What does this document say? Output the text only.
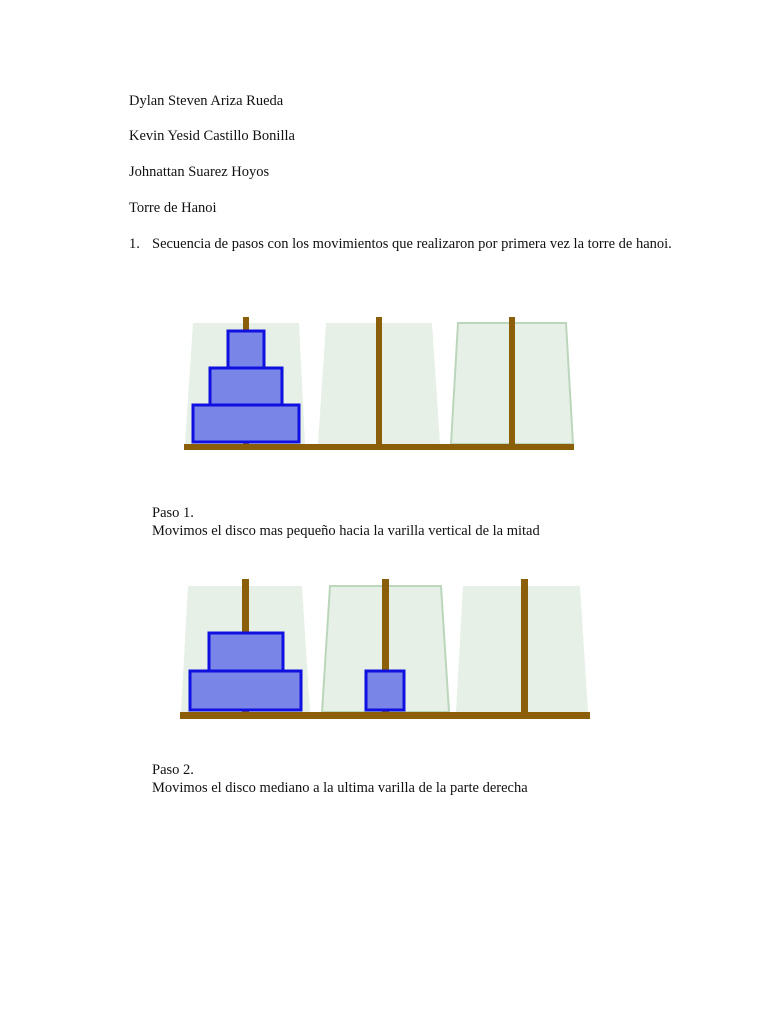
Dylan Steven Ariza Rueda
Kevin Yesid Castillo Bonilla
Johnattan Suarez Hoyos
Torre de Hanoi
1. Secuencia de pasos con los movimientos que realizaron por primera vez la torre de hanoi.
Paso 1.
Movimos el disco mas pequeño hacia la varilla vertical de la mitad
Paso 2.
Movimos el disco mediano a la ultima varilla de la parte derecha
